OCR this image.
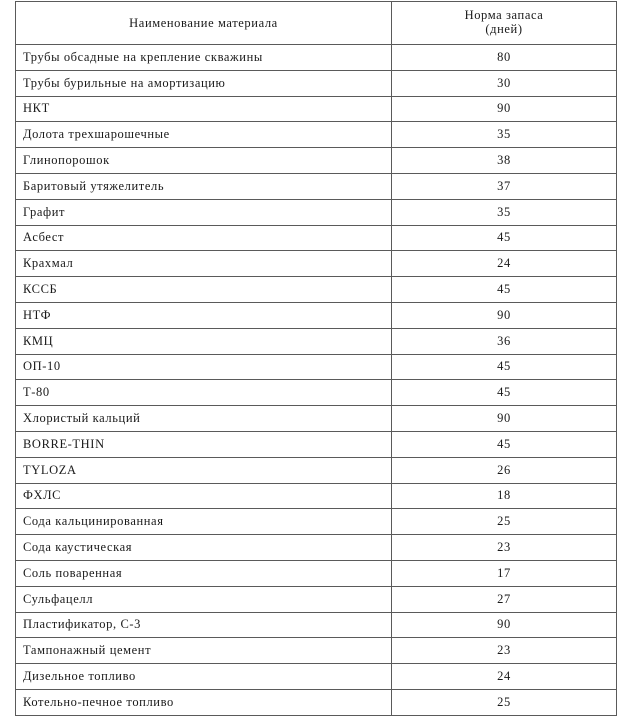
Наименование материала	Норма запаса
(дней)

Трубы обсадные на крепление скважины	80
Трубы бурильные на амортизацию	30
НКТ	90
Долота трехшарошечные	35
Глинопорошок	38
Баритовый утяжелитель	37
Графит	35
Асбест	45
Крахмал	24
КССБ	45
НТФ	90
КМЦ	36
ОП-10	45
Т-80	45
Хлористый кальций	90
BORRE-THIN	45
TYLOZA	26
ФХЛС	18
Сода кальцинированная	25
Сода каустическая	23
Соль поваренная	17
Сульфацелл	27
Пластификатор, С-3	90
Тампонажный цемент	23
Дизельное топливо	24
Котельно-печное топливо	25
